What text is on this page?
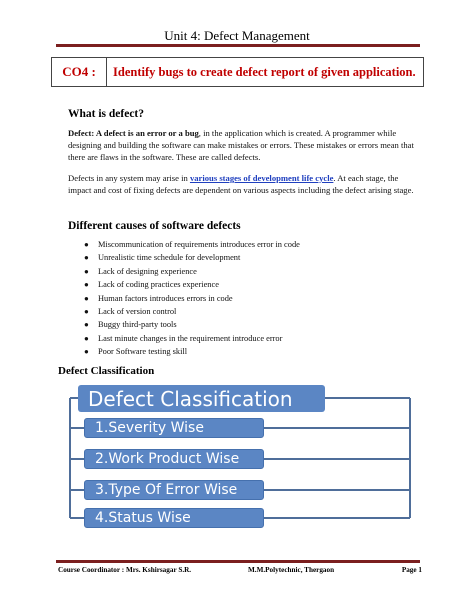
Unit 4: Defect Management
CO4 :	Identify bugs to create defect report of given application.
What is defect?

Defect: A defect is an error or a bug, in the application which is created. A programmer while designing and building the software can make mistakes or errors. These mistakes or errors mean that there are flaws in the software. These are called defects.

Defects in any system may arise in various stages of development life cycle. At each stage, the impact and cost of fixing defects are dependent on various aspects including the defect arising stage.

Different causes of software defects
● Miscommunication of requirements introduces error in code
● Unrealistic time schedule for development
● Lack of designing experience
● Lack of coding practices experience
● Human factors introduces errors in code
● Lack of version control
● Buggy third-party tools
● Last minute changes in the requirement introduce error
● Poor Software testing skill
Defect Classification
Defect Classification
1.Severity Wise
2.Work Product Wise
3.Type Of Error Wise
4.Status Wise
Course Coordinator : Mrs. Kshirsagar S.R.	M.M.Polytechnic, Thergaon	Page 1
